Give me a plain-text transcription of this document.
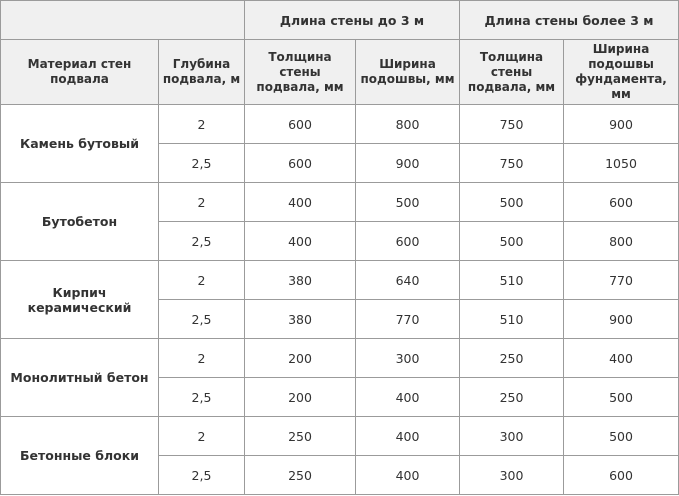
		Длина стены до 3 м		Длина стены более 3 м	
Материал стен подвала	Глубина подвала, м	Толщина стены подвала, мм	Ширина подошвы, мм	Толщина стены подвала, мм	Ширина подошвы фундамента, мм
Камень бутовый	2	600	800	750	900
	2,5	600	900	750	1050
Бутобетон	2	400	500	500	600
	2,5	400	600	500	800
Кирпич керамический	2	380	640	510	770
	2,5	380	770	510	900
Монолитный бетон	2	200	300	250	400
	2,5	200	400	250	500
Бетонные блоки	2	250	400	300	500
	2,5	250	400	300	600
